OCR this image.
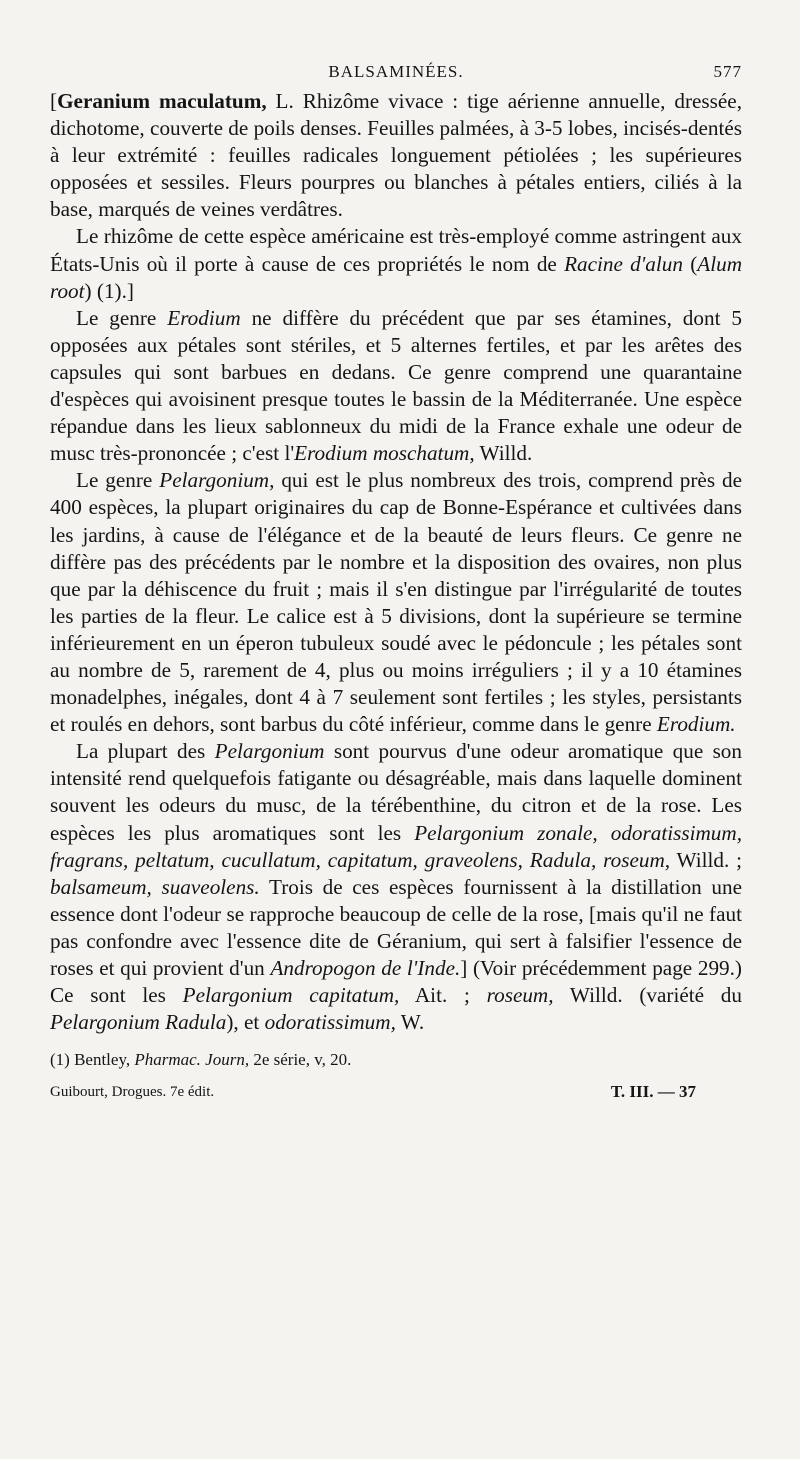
BALSAMINÉES.	577

[Geranium maculatum, L. Rhizôme vivace : tige aérienne annuelle, dressée, dichotome, couverte de poils denses. Feuilles palmées, à 3-5 lobes, incisés-dentés à leur extrémité : feuilles radicales longuement pétiolées ; les supérieures opposées et sessiles. Fleurs pourpres ou blanches à pétales entiers, ciliés à la base, marqués de veines verdâtres.

Le rhizôme de cette espèce américaine est très-employé comme astringent aux États-Unis où il porte à cause de ces propriétés le nom de Racine d'alun (Alum root) (1).]

Le genre Erodium ne diffère du précédent que par ses étamines, dont 5 opposées aux pétales sont stériles, et 5 alternes fertiles, et par les arêtes des capsules qui sont barbues en dedans. Ce genre comprend une quarantaine d'espèces qui avoisinent presque toutes le bassin de la Méditerranée. Une espèce répandue dans les lieux sablonneux du midi de la France exhale une odeur de musc très-prononcée ; c'est l'Erodium moschatum, Willd.

Le genre Pelargonium, qui est le plus nombreux des trois, comprend près de 400 espèces, la plupart originaires du cap de Bonne-Espérance et cultivées dans les jardins, à cause de l'élégance et de la beauté de leurs fleurs. Ce genre ne diffère pas des précédents par le nombre et la disposition des ovaires, non plus que par la déhiscence du fruit ; mais il s'en distingue par l'irrégularité de toutes les parties de la fleur. Le calice est à 5 divisions, dont la supérieure se termine inférieurement en un éperon tubuleux soudé avec le pédoncule ; les pétales sont au nombre de 5, rarement de 4, plus ou moins irréguliers ; il y a 10 étamines monadelphes, inégales, dont 4 à 7 seulement sont fertiles ; les styles, persistants et roulés en dehors, sont barbus du côté inférieur, comme dans le genre Erodium.

La plupart des Pelargonium sont pourvus d'une odeur aromatique que son intensité rend quelquefois fatigante ou désagréable, mais dans laquelle dominent souvent les odeurs du musc, de la térébenthine, du citron et de la rose. Les espèces les plus aromatiques sont les Pelargonium zonale, odoratissimum, fragrans, peltatum, cucullatum, capitatum, graveolens, Radula, roseum, Willd. ; balsameum, suaveolens. Trois de ces espèces fournissent à la distillation une essence dont l'odeur se rapproche beaucoup de celle de la rose, [mais qu'il ne faut pas confondre avec l'essence dite de Géranium, qui sert à falsifier l'essence de roses et qui provient d'un Andropogon de l'Inde.] (Voir précédemment page 299.) Ce sont les Pelargonium capitatum, Ait. ; roseum, Willd. (variété du Pelargonium Radula), et odoratissimum, W.

(1) Bentley, Pharmac. Journ, 2e série, v, 20.
Guibourt, Drogues. 7e édit.	T. III. — 37
